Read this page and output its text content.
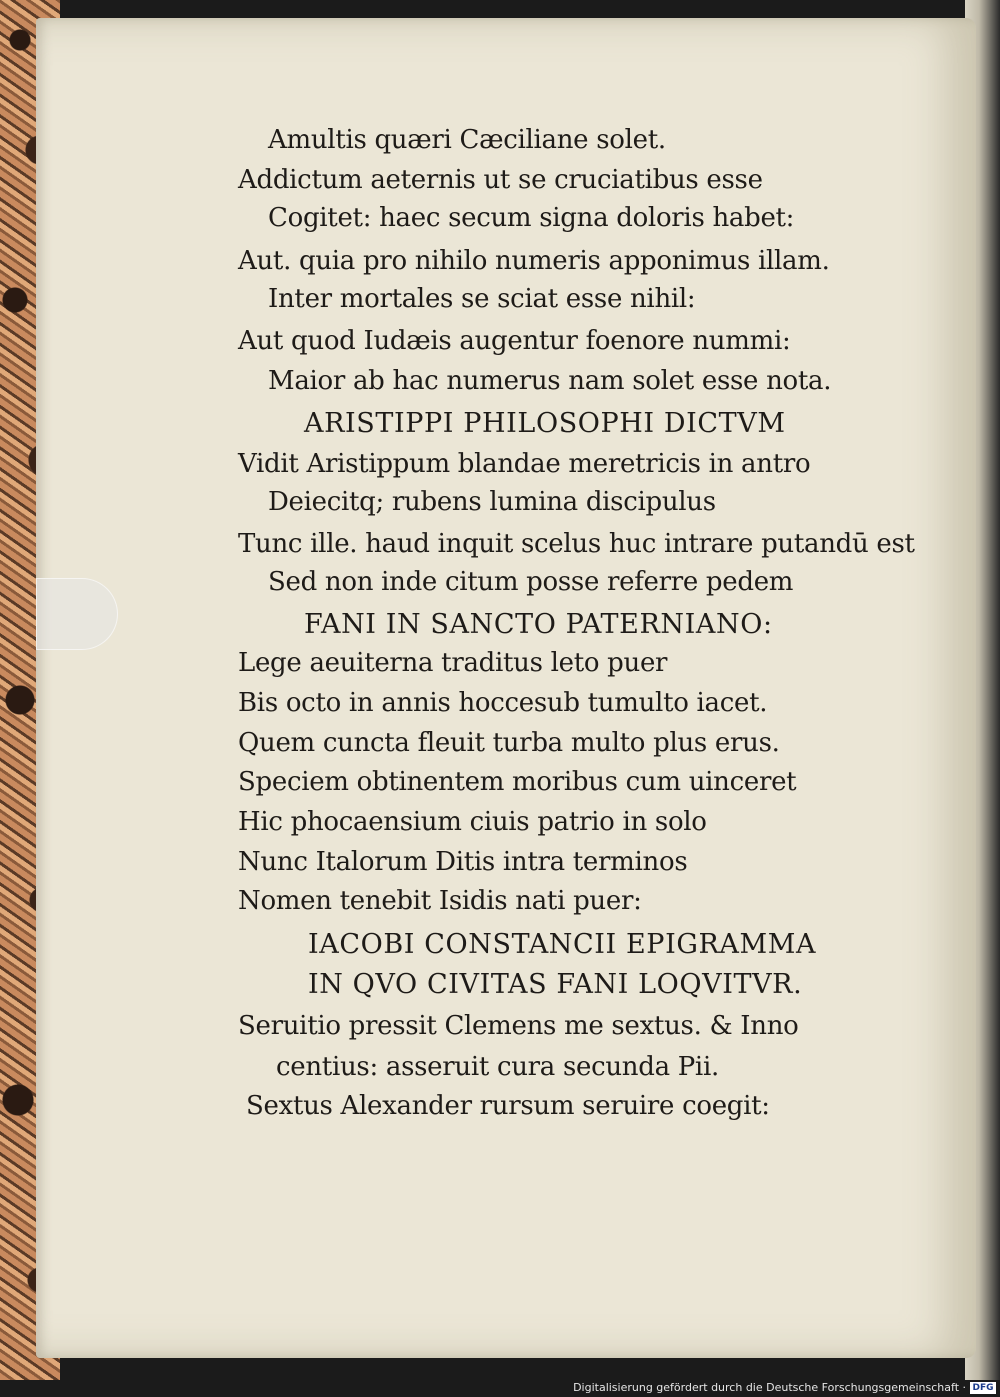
Amultis quæri Cæciliane solet.
Addictum aeternis ut se cruciatibus esse
Cogitet: haec secum signa doloris habet:
Aut. quia pro nihilo numeris apponimus illam.
Inter mortales se sciat esse nihil:
Aut quod Iudæis augentur foenore nummi:
Maior ab hac numerus nam solet esse nota.
ARISTIPPI PHILOSOPHI DICTVM
Vidit Aristippum blandae meretricis in antro
Deiecitq; rubens lumina discipulus
Tunc ille. haud inquit scelus huc intrare putandū est
Sed non inde citum posse referre pedem
FANI IN SANCTO PATERNIANO:
Lege aeuiterna traditus leto puer
Bis octo in annis hoccesub tumulto iacet.
Quem cuncta fleuit turba multo plus erus.
Speciem obtinentem moribus cum uinceret
Hic phocaensium ciuis patrio in solo
Nunc Italorum Ditis intra terminos
Nomen tenebit Isidis nati puer:
IACOBI CONSTANCII EPIGRAMMA
IN QVO CIVITAS FANI LOQVITVR.
Seruitio pressit Clemens me sextus. & Inno
centius: asseruit cura secunda Pii.
Sextus Alexander rursum seruire coegit:
Digitalisierung gefördert durch die Deutsche Forschungsgemeinschaft · DFG
